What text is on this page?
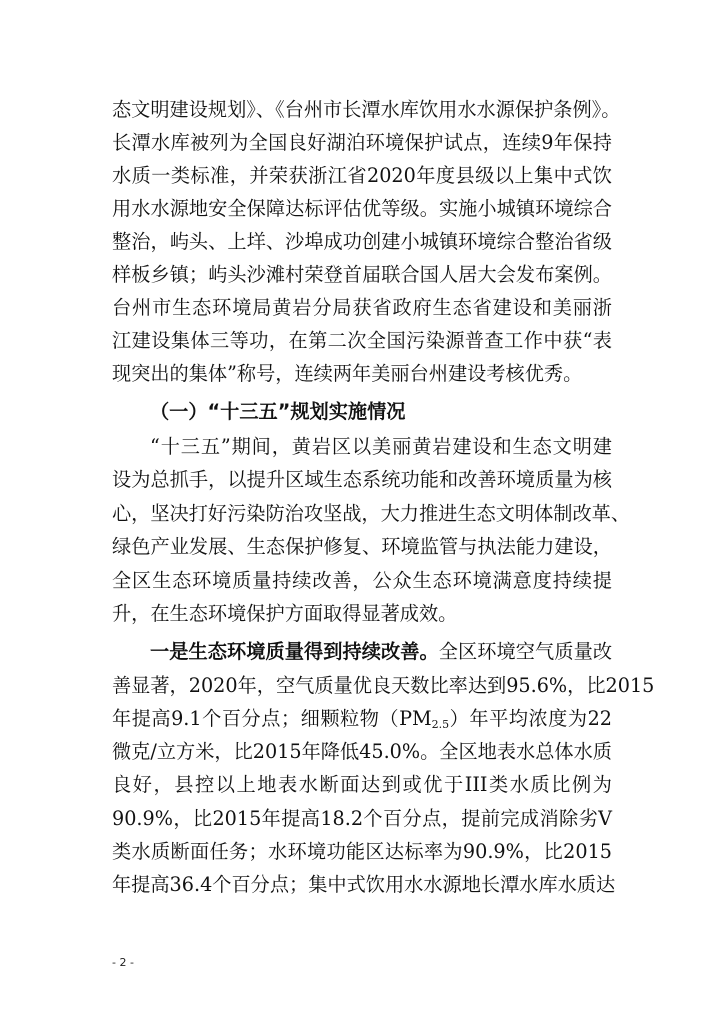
态文明建设规划》、《台州市长潭水库饮用水水源保护条例》。
长潭水库被列为全国良好湖泊环境保护试点，连续9年保持
水质一类标准，并荣获浙江省2020年度县级以上集中式饮
用水水源地安全保障达标评估优等级。实施小城镇环境综合
整治，屿头、上垟、沙埠成功创建小城镇环境综合整治省级
样板乡镇；屿头沙滩村荣登首届联合国人居大会发布案例。
台州市生态环境局黄岩分局获省政府生态省建设和美丽浙
江建设集体三等功，在第二次全国污染源普查工作中获“表
现突出的集体”称号，连续两年美丽台州建设考核优秀。
（一）“十三五”规划实施情况
“十三五”期间，黄岩区以美丽黄岩建设和生态文明建
设为总抓手，以提升区域生态系统功能和改善环境质量为核
心，坚决打好污染防治攻坚战，大力推进生态文明体制改革、
绿色产业发展、生态保护修复、环境监管与执法能力建设，
全区生态环境质量持续改善，公众生态环境满意度持续提
升，在生态环境保护方面取得显著成效。
一是生态环境质量得到持续改善。全区环境空气质量改
善显著，2020年，空气质量优良天数比率达到95.6%，比2015
年提高9.1个百分点；细颗粒物$(PM_{2.5})$年平均浓度为22
微克/立方米，比2015年降低45.0%。全区地表水总体水质
良好，县控以上地表水断面达到或优于III类水质比例为
90.9%，比2015年提高18.2个百分点，提前完成消除劣V
类水质断面任务；水环境功能区达标率为90.9%，比2015
年提高36.4个百分点；集中式饮用水水源地长潭水库水质达
- 2 -
